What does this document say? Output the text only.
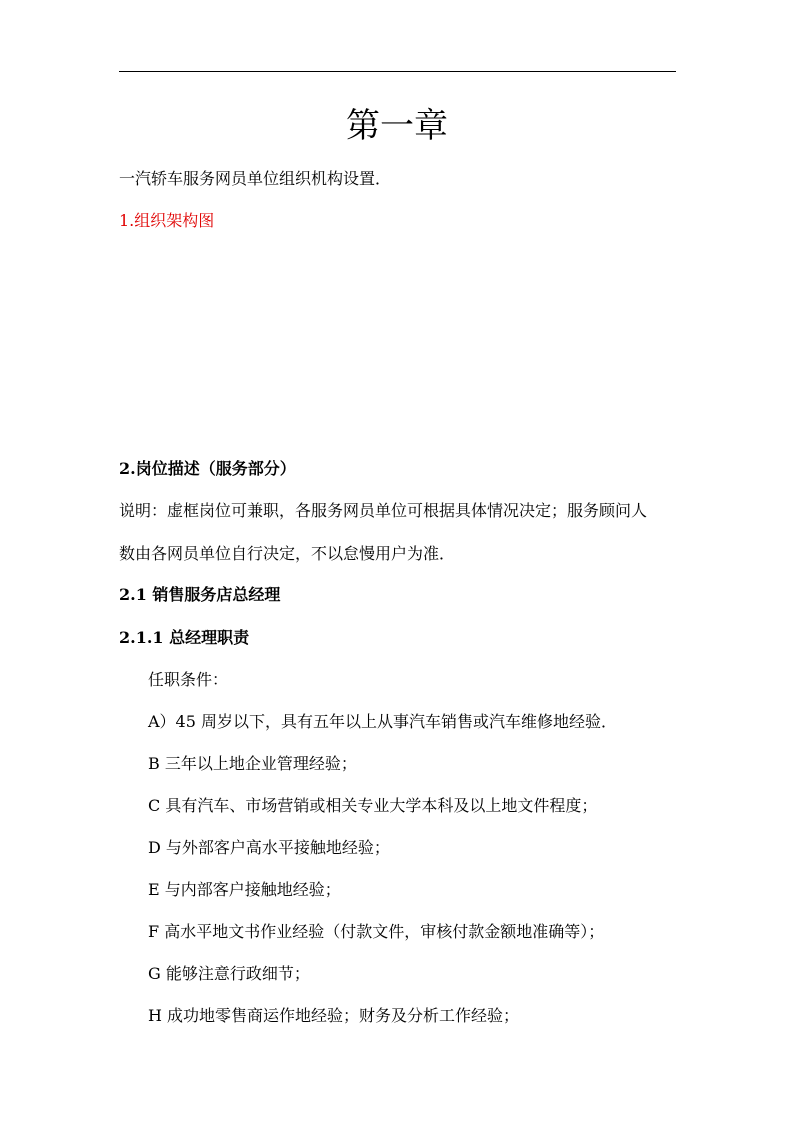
第一章
一汽轿车服务网员单位组织机构设置．
1.组织架构图
2.岗位描述（服务部分）
说明：虚框岗位可兼职，各服务网员单位可根据具体情况决定；服务顾问人
数由各网员单位自行决定，不以怠慢用户为准．
2.1 销售服务店总经理
2.1.1 总经理职责
任职条件：
A）45 周岁以下，具有五年以上从事汽车销售或汽车维修地经验．
B 三年以上地企业管理经验；
C 具有汽车、市场营销或相关专业大学本科及以上地文件程度；
D 与外部客户高水平接触地经验；
E 与内部客户接触地经验；
F 高水平地文书作业经验（付款文件，审核付款金额地准确等）；
G 能够注意行政细节；
H 成功地零售商运作地经验；财务及分析工作经验；
